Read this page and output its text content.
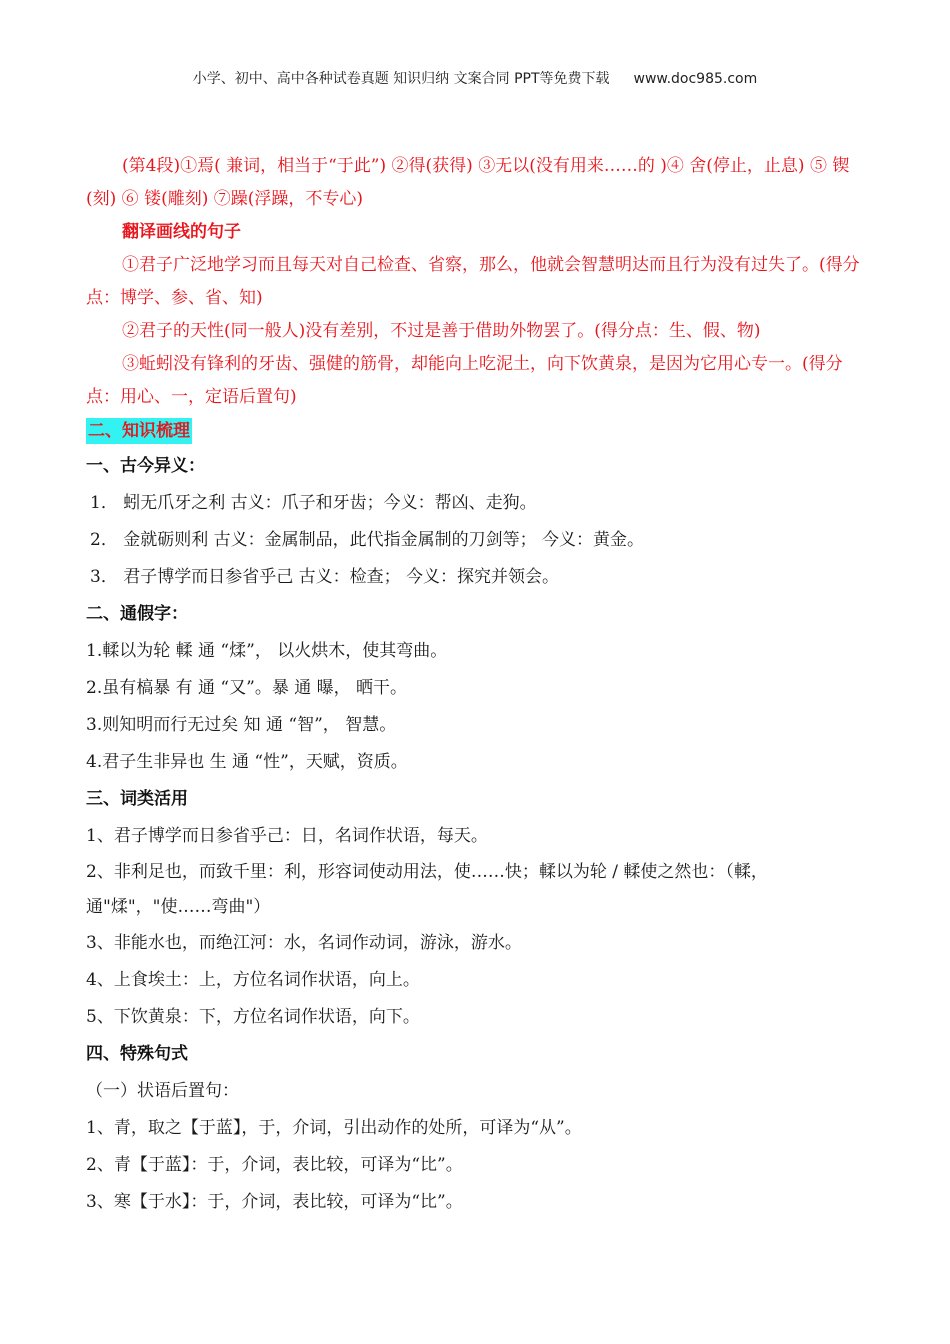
小学、初中、高中各种试卷真题 知识归纳 文案合同 PPT等免费下载 www.doc985.com

(第4段)①焉( 兼词，相当于“于此”) ②得(获得) ③无以(没有用来……的 )④ 舍(停止，止息) ⑤ 锲(刻) ⑥ 镂(雕刻) ⑦躁(浮躁，不专心)

翻译画线的句子

①君子广泛地学习而且每天对自己检查、省察，那么，他就会智慧明达而且行为没有过失了。(得分点：博学、参、省、知)

②君子的天性(同一般人)没有差别，不过是善于借助外物罢了。(得分点：生、假、物)

③蚯蚓没有锋利的牙齿、强健的筋骨，却能向上吃泥土，向下饮黄泉，是因为它用心专一。(得分点：用心、一，定语后置句)

二、知识梳理

一、古今异义：

1． 蚓无爪牙之利 古义：爪子和牙齿；今义：帮凶、走狗。

2． 金就砺则利 古义：金属制品，此代指金属制的刀剑等； 今义：黄金。

3． 君子博学而日参省乎己 古义：检查； 今义：探究并领会。

二、通假字：

1.輮以为轮 輮 通 “煣”， 以火烘木，使其弯曲。

2.虽有槁暴 有 通 “又”。暴 通 曝， 晒干。

3.则知明而行无过矣 知 通 “智”， 智慧。

4.君子生非异也 生 通 “性”，天赋，资质。

三、词类活用

1、君子博学而日参省乎己：日，名词作状语，每天。

2、非利足也，而致千里：利，形容词使动用法，使……快；輮以为轮 / 輮使之然也：（輮，通"煣"，"使……弯曲"）

3、非能水也，而绝江河：水，名词作动词，游泳，游水。

4、上食埃土：上，方位名词作状语，向上。

5、下饮黄泉：下，方位名词作状语，向下。

四、特殊句式

（一）状语后置句：

1、青，取之【于蓝】，于，介词，引出动作的处所，可译为“从”。

2、青【于蓝】：于，介词，表比较，可译为“比”。

3、寒【于水】：于，介词，表比较，可译为“比”。
